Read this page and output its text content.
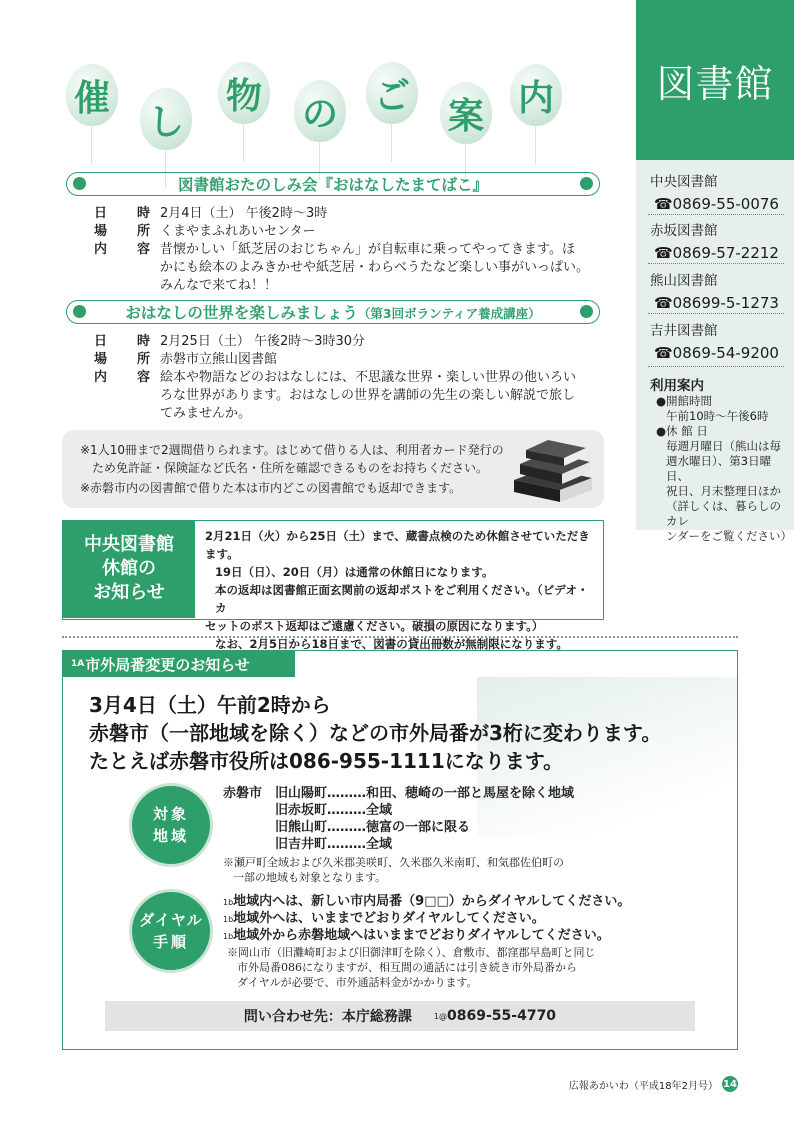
図書館
中央図書館
☎0869-55-0076
赤坂図書館
☎0869-57-2212
熊山図書館
☎08699-5-1273
吉井図書館
☎0869-54-9200
利用案内
●開館時間
午前10時〜午後6時
●休 館 日
毎週月曜日（熊山は毎
週水曜日）、第3日曜日、
祝日、月末整理日ほか
（詳しくは、暮らしのカレ
ンダーをご覧ください）
催
し
物 の ご 案 内
図書館おたのしみ会『おはなしたまてばこ』
日 時 2月4日（土） 午後2時〜3時
場 所 くまやまふれあいセンター
内 容 昔懐かしい「紙芝居のおじちゃん」が自転車に乗ってやってきます。ほ
かにも絵本のよみきかせや紙芝居・わらべうたなど楽しい事がいっぱい。
みんなで来てね！！
おはなしの世界を楽しみましょう（第3回ボランティア養成講座）
日 時 2月25日（土） 午後2時〜3時30分
場 所 赤磐市立熊山図書館
内 容 絵本や物語などのおはなしには、不思議な世界・楽しい世界の他いろい
ろな世界があります。おはなしの世界を講師の先生の楽しい解説で旅し
てみませんか。
※1人10冊まで2週間借りられます。はじめて借りる人は、利用者カード発行の
ため免許証・保険証など氏名・住所を確認できるものをお持ちください。
※赤磐市内の図書館で借りた本は市内どこの図書館でも返却できます。
中央図書館
休館の
お知らせ
2月21日（火）から25日（土）まで、蔵書点検のため休館させていただきます。
19日（日）、20日（月）は通常の休館日になります。
本の返却は図書館正面玄関前の返却ポストをご利用ください。（ビデオ・カ
セットのポスト返却はご遠慮ください。破損の原因になります。）
なお、2月5日から18日まで、図書の貸出冊数が無制限になります。
1A 市外局番変更のお知らせ
3月4日（土）午前2時から
赤磐市（一部地域を除く）などの市外局番が3桁に変わります。
たとえば赤磐市役所は086-955-1111になります。
対象
地域
赤磐市 旧山陽町………和田、穂崎の一部と馬屋を除く地域
旧赤坂町………全域
旧熊山町………徳富の一部に限る
旧吉井町………全域
※瀬戸町全域および久米郡美咲町、久米郡久米南町、和気郡佐伯町の
一部の地域も対象となります。
ダイヤル
手順
1b地域内へは、新しい市内局番（9□□）からダイヤルしてください。
1b地域外へは、いままでどおりダイヤルしてください。
1b地域外から赤磐地域へはいままでどおりダイヤルしてください。
※岡山市（旧灘崎町および旧御津町を除く）、倉敷市、都窪郡早島町と同じ
市外局番086になりますが、相互間の通話には引き続き市外局番から
ダイヤルが必要で、市外通話料金がかかります。
問い合わせ先：本庁総務課	1@ 0869-55-4770
広報あかいわ（平成18年2月号） 14
